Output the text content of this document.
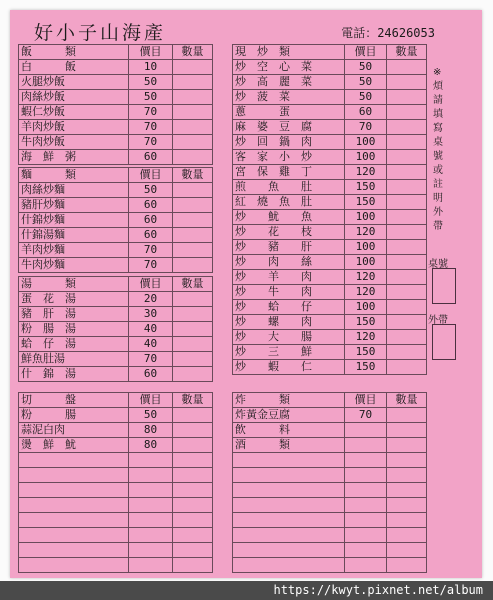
好小子山海產	電話：24626053
飯　　　類	價目	數量
白　　　飯	10	
火腿炒飯	50	
肉絲炒飯	50	
蝦仁炒飯	70	
羊肉炒飯	70	
牛肉炒飯	70	
海　鮮　粥	60	
麵　　　類	價目	數量
肉絲炒麵	50	
豬肝炒麵	60	
什錦炒麵	60	
什錦湯麵	60	
羊肉炒麵	70	
牛肉炒麵	70	
湯　　　類	價目	數量
蛋　花　湯	20	
豬　肝　湯	30	
粉　腸　湯	40	
蛤　仔　湯	40	
鮮魚肚湯	70	
什　錦　湯	60	
切　　　盤	價目	數量
粉　　　腸	50	
蒜泥白肉	80	
燙　鮮　魷	80	

現　炒　類	價目	數量
炒　空　心　菜	50	
炒　高　麗　菜	50	
炒　菠　菜	50	
蔥　　　蛋	60	
麻　婆　豆　腐	70	
炒　回　鍋　肉	100	
客　家　小　炒	100	
宮　保　雞　丁	120	
煎　　魚　　肚	150	
紅　燒　魚　肚	150	
炒　　魷　　魚	100	
炒　　花　　枝	120	
炒　　豬　　肝	100	
炒　　肉　　絲	100	
炒　　羊　　肉	120	
炒　　牛　　肉	120	
炒　　蛤　　仔	100	
炒　　螺　　肉	150	
炒　　大　　腸	120	
炒　　三　　鮮	150	
炒　　蝦　　仁	150	
炸　　　類	價目	數量
炸黃金豆腐	70	
飲　　　料		
酒　　　類		

※煩請填寫桌號或註明外帶
桌號
外帶
https://kwyt.pixnet.net/album
